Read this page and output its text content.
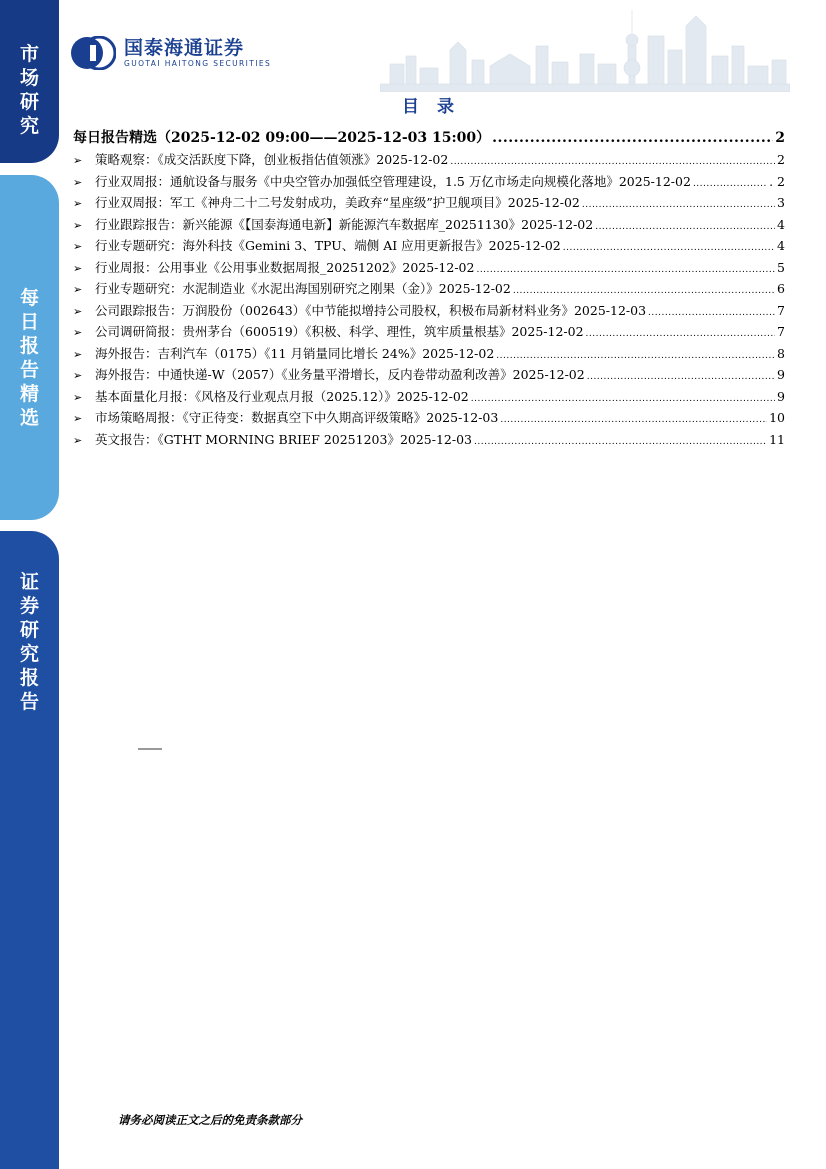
市
场
研
究
每
日
报
告
精
选
证
券
研
究
报
告
国泰海通证券
GUOTAI HAITONG SECURITIES
目 录
每日报告精选（2025-12-02 09:00——2025-12-03 15:00） .....	2
➢	策略观察：《成交活跃度下降，创业板指估值领涨》2025-12-02 .....	2
➢	行业双周报：通航设备与服务《中央空管办加强低空管理建设，1.5 万亿市场走向规模化落地》2025-12-02 .....	. 2
➢	行业双周报：军工《神舟二十二号发射成功，美政弃“星座级”护卫舰项目》2025-12-02 .....	3
➢	行业跟踪报告：新兴能源《【国泰海通电新】新能源汽车数据库_20251130》2025-12-02 .....	4
➢	行业专题研究：海外科技《Gemini 3、TPU、端侧 AI 应用更新报告》2025-12-02 .....	4
➢	行业周报：公用事业《公用事业数据周报_20251202》2025-12-02 .....	5
➢	行业专题研究：水泥制造业《水泥出海国别研究之刚果（金）》2025-12-02 .....	6
➢	公司跟踪报告：万润股份（002643）《中节能拟增持公司股权，积极布局新材料业务》2025-12-03 .....	7
➢	公司调研简报：贵州茅台（600519）《积极、科学、理性，筑牢质量根基》2025-12-02 .....	7
➢	海外报告：吉利汽车（0175）《11 月销量同比增长 24%》2025-12-02 .....	8
➢	海外报告：中通快递-W（2057）《业务量平滑增长，反内卷带动盈利改善》2025-12-02 .....	9
➢	基本面量化月报：《风格及行业观点月报（2025.12）》2025-12-02 .....	9
➢	市场策略周报：《守正待变：数据真空下中久期高评级策略》2025-12-03 .....	10
➢	英文报告：《GTHT MORNING BRIEF 20251203》2025-12-03 .....	11
请务必阅读正文之后的免责条款部分
